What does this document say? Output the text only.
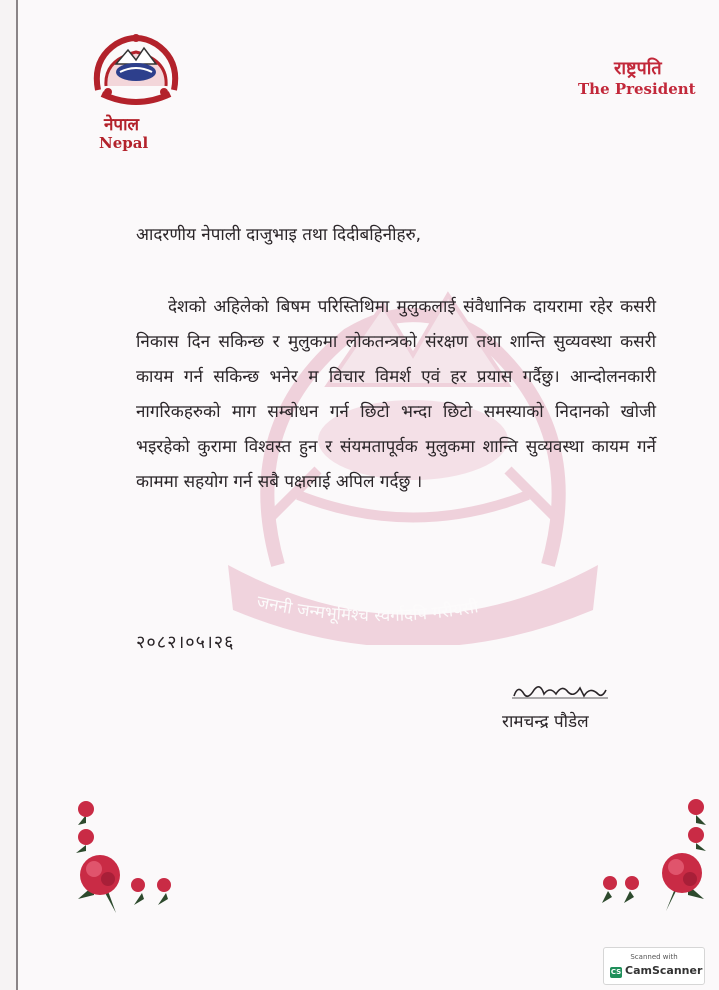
नेपाल
Nepal
राष्ट्रपति
The President
जननी जन्मभूमिश्च स्वर्गादपि गरीयसी
आदरणीय नेपाली दाजुभाइ तथा दिदीबहिनीहरु,
देशको अहिलेको बिषम परिस्तिथिमा मुलुकलाई संवैधानिक दायरामा रहेर कसरी निकास दिन सकिन्छ र मुलुकमा लोकतन्त्रको संरक्षण तथा शान्ति सुव्यवस्था कसरी कायम गर्न सकिन्छ भनेर म विचार विमर्श एवं हर प्रयास गर्दैछु। आन्दोलनकारी नागरिकहरुको माग सम्बोधन गर्न छिटो भन्दा छिटो समस्याको निदानको खोजी भइरहेको कुरामा विश्वस्त हुन र संयमतापूर्वक मुलुकमा शान्ति सुव्यवस्था कायम गर्ने काममा सहयोग गर्न सबै पक्षलाई अपिल गर्दछु ।
२०८२।०५।२६
रामचन्द्र पौडेल
Scanned with
CS CamScanner
